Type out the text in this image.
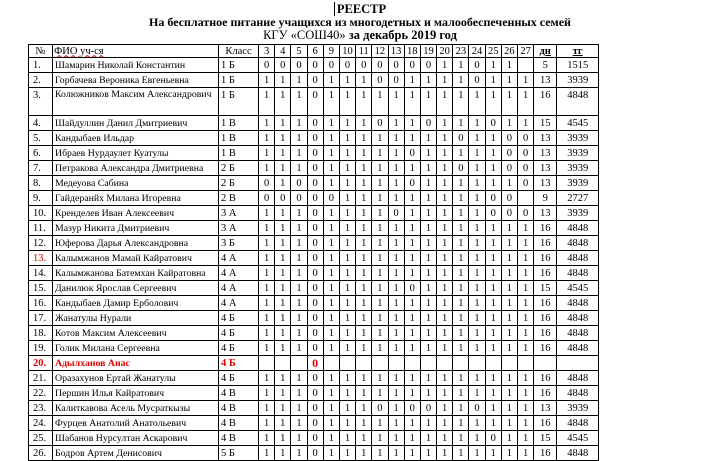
РЕЕСТР
На бесплатное питание учащихся из многодетных и малообеспеченных семей
КГУ «СОШ40» за декабрь 2019 год
№	ФИО уч-ся	Класс	3	4	5	6	9	10	11	12	13	18	19	20	23	24	25	26	27	дн	тг
1.	Шамарин Николай Константин	1 Б	0	0	0	0	0	0	0	0	0	0	0	1	1	0	1	1		5	1515
2.	Горбачева Вероника Евгеньевна	1 Б	1	1	1	0	1	1	1	0	0	1	1	1	1	0	1	1	1	13	3939
3.	Колюжников Максим Александрович	1 Б	1	1	1	0	1	1	1	1	1	1	1	1	1	1	1	1	1	16	4848
4.	Шайдуллин Данил Дмитриевич	1 В	1	1	1	0	1	1	1	0	1	1	0	1	1	1	0	1	1	15	4545
5.	Кандыбаев Ильдар	1 В	1	1	1	0	1	1	1	1	1	1	1	1	0	1	1	0	0	13	3939
6.	Ибраев Нурдаулет Куатулы	1 В	1	1	1	0	1	1	1	1	1	0	1	1	1	1	1	0	0	13	3939
7.	Петракова Александра Дмитриевна	2 Б	1	1	1	0	1	1	1	1	1	1	1	1	0	1	1	0	0	13	3939
8.	Медеуова Сабина	2 Б	0	1	0	0	1	1	1	1	1	0	1	1	1	1	1	1	0	13	3939
9.	Гайдеранйх Милана Игоревна	2 В	0	0	0	0	0	1	1	1	1	1	1	1	1	1	0	0		9	2727
10.	Кренделев Иван Алексеевич	3 А	1	1	1	0	1	1	1	1	0	1	1	1	1	1	0	0	0	13	3939
11.	Мазур Никита Дмитриевич	3 А	1	1	1	0	1	1	1	1	1	1	1	1	1	1	1	1	1	16	4848
12.	Юферова Дарья Александровна	3 Б	1	1	1	0	1	1	1	1	1	1	1	1	1	1	1	1	1	16	4848
13.	Калымжанов Мамай Кайратович	4 А	1	1	1	0	1	1	1	1	1	1	1	1	1	1	1	1	1	16	4848
14.	Калымжанова Батемхан Кайратовна	4 А	1	1	1	0	1	1	1	1	1	1	1	1	1	1	1	1	1	16	4848
15.	Данилюк Ярослав Сергеевич	4 А	1	1	1	0	1	1	1	1	1	0	1	1	1	1	1	1	1	15	4545
16.	Кандыбаев Дамир Ерболович	4 А	1	1	1	0	1	1	1	1	1	1	1	1	1	1	1	1	1	16	4848
17.	Жанатулы Нурали	4 Б	1	1	1	0	1	1	1	1	1	1	1	1	1	1	1	1	1	16	4848
18.	Котов Максим Алексеевич	4 Б	1	1	1	0	1	1	1	1	1	1	1	1	1	1	1	1	1	16	4848
19.	Голик Милана Сергеевна	4 Б	1	1	1	0	1	1	1	1	1	1	1	1	1	1	1	1	1	16	4848
20.	Адылханов Анас	4 Б				0															
21.	Оразахунов Ертай Жанатулы	4 Б	1	1	1	0	1	1	1	1	1	1	1	1	1	1	1	1	1	16	4848
22.	Першин Илья Кайратович	4 В	1	1	1	0	1	1	1	1	1	1	1	1	1	1	1	1	1	16	4848
23.	Калиткавова Асель Мусраткызы	4 В	1	1	1	0	1	1	1	0	1	0	0	1	1	0	1	1	1	13	3939
24.	Фурцев Анатолий Анатольевич	4 В	1	1	1	0	1	1	1	1	1	1	1	1	1	1	1	1	1	16	4848
25.	Шабанов Нурсултан Аскарович	4 В	1	1	1	0	1	1	1	1	1	1	1	1	1	1	0	1	1	15	4545
26.	Бодров Артем Денисович	5 Б	1	1	1	0	1	1	1	1	1	1	1	1	1	1	1	1	1	16	4848
